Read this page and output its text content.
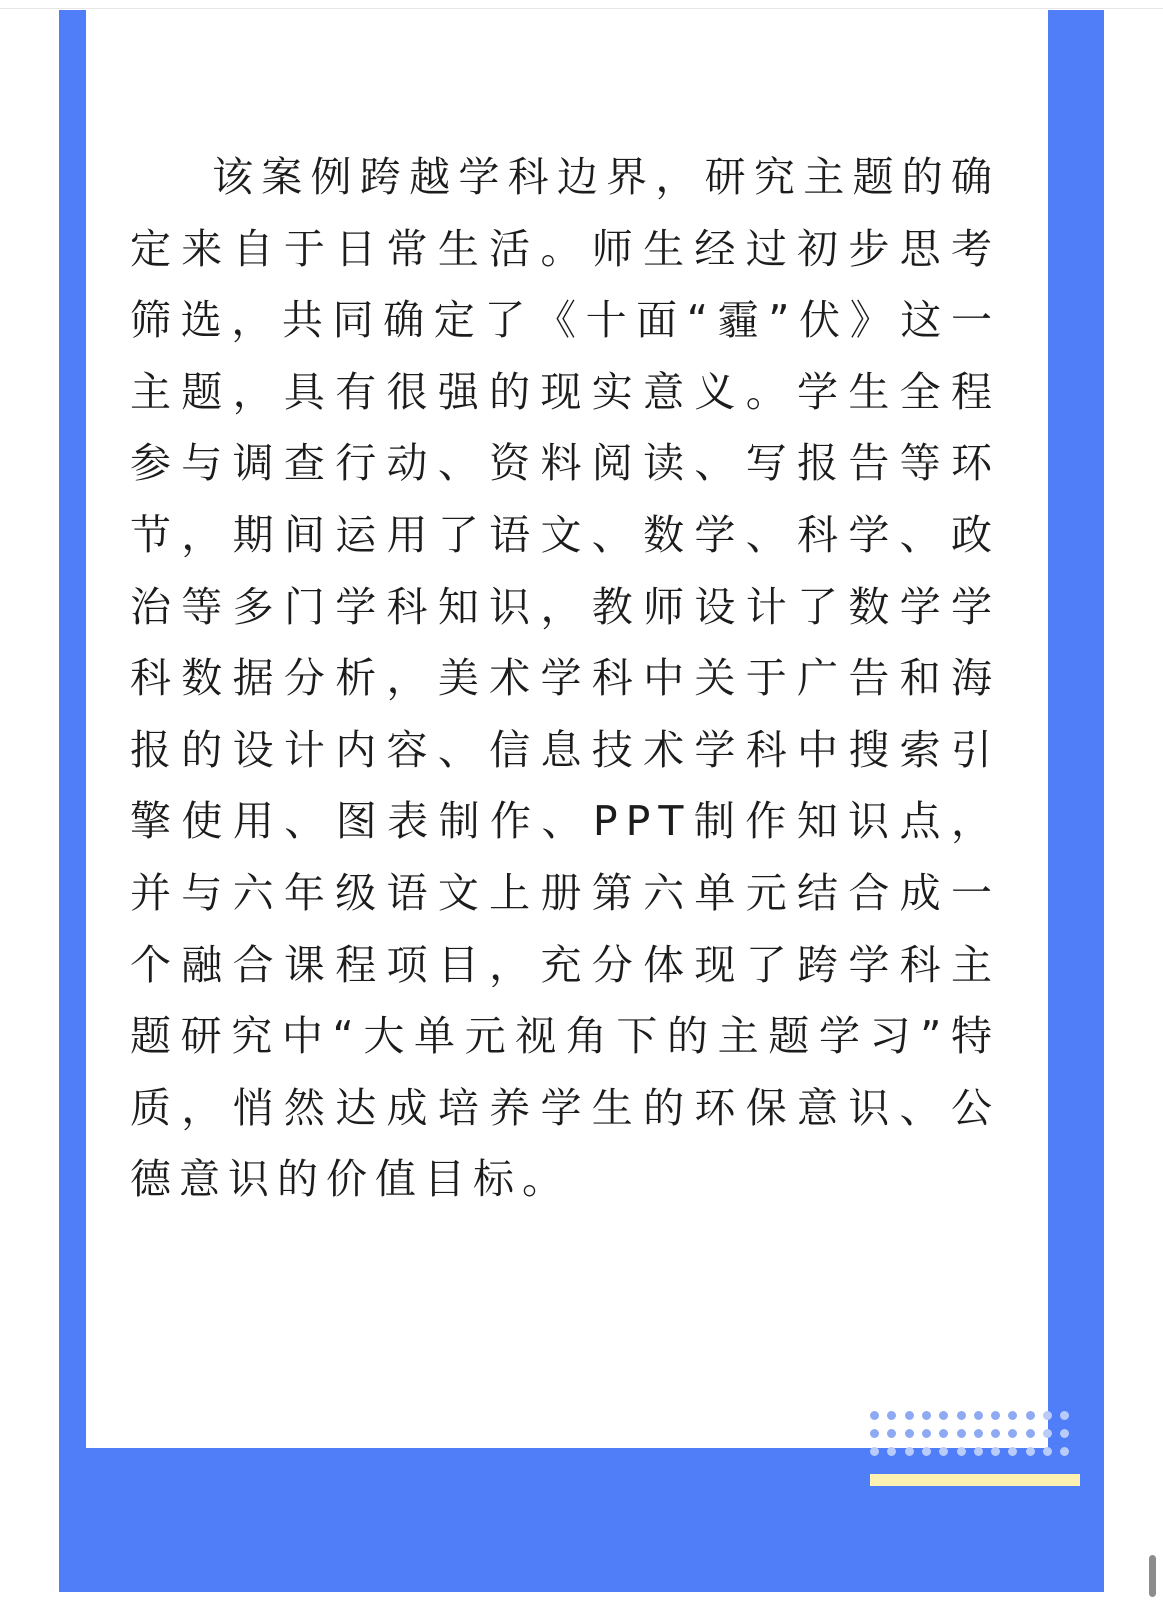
该案例跨越学科边界，研究主题的确定来自于日常生活。师生经过初步思考筛选，共同确定了《十面“霾”伏》这一主题，具有很强的现实意义。学生全程参与调查行动、资料阅读、写报告等环节，期间运用了语文、数学、科学、政治等多门学科知识，教师设计了数学学科数据分析，美术学科中关于广告和海报的设计内容、信息技术学科中搜索引擎使用、图表制作、PPT制作知识点，并与六年级语文上册第六单元结合成一个融合课程项目，充分体现了跨学科主题研究中“大单元视角下的主题学习”特质，悄然达成培养学生的环保意识、公德意识的价值目标。
